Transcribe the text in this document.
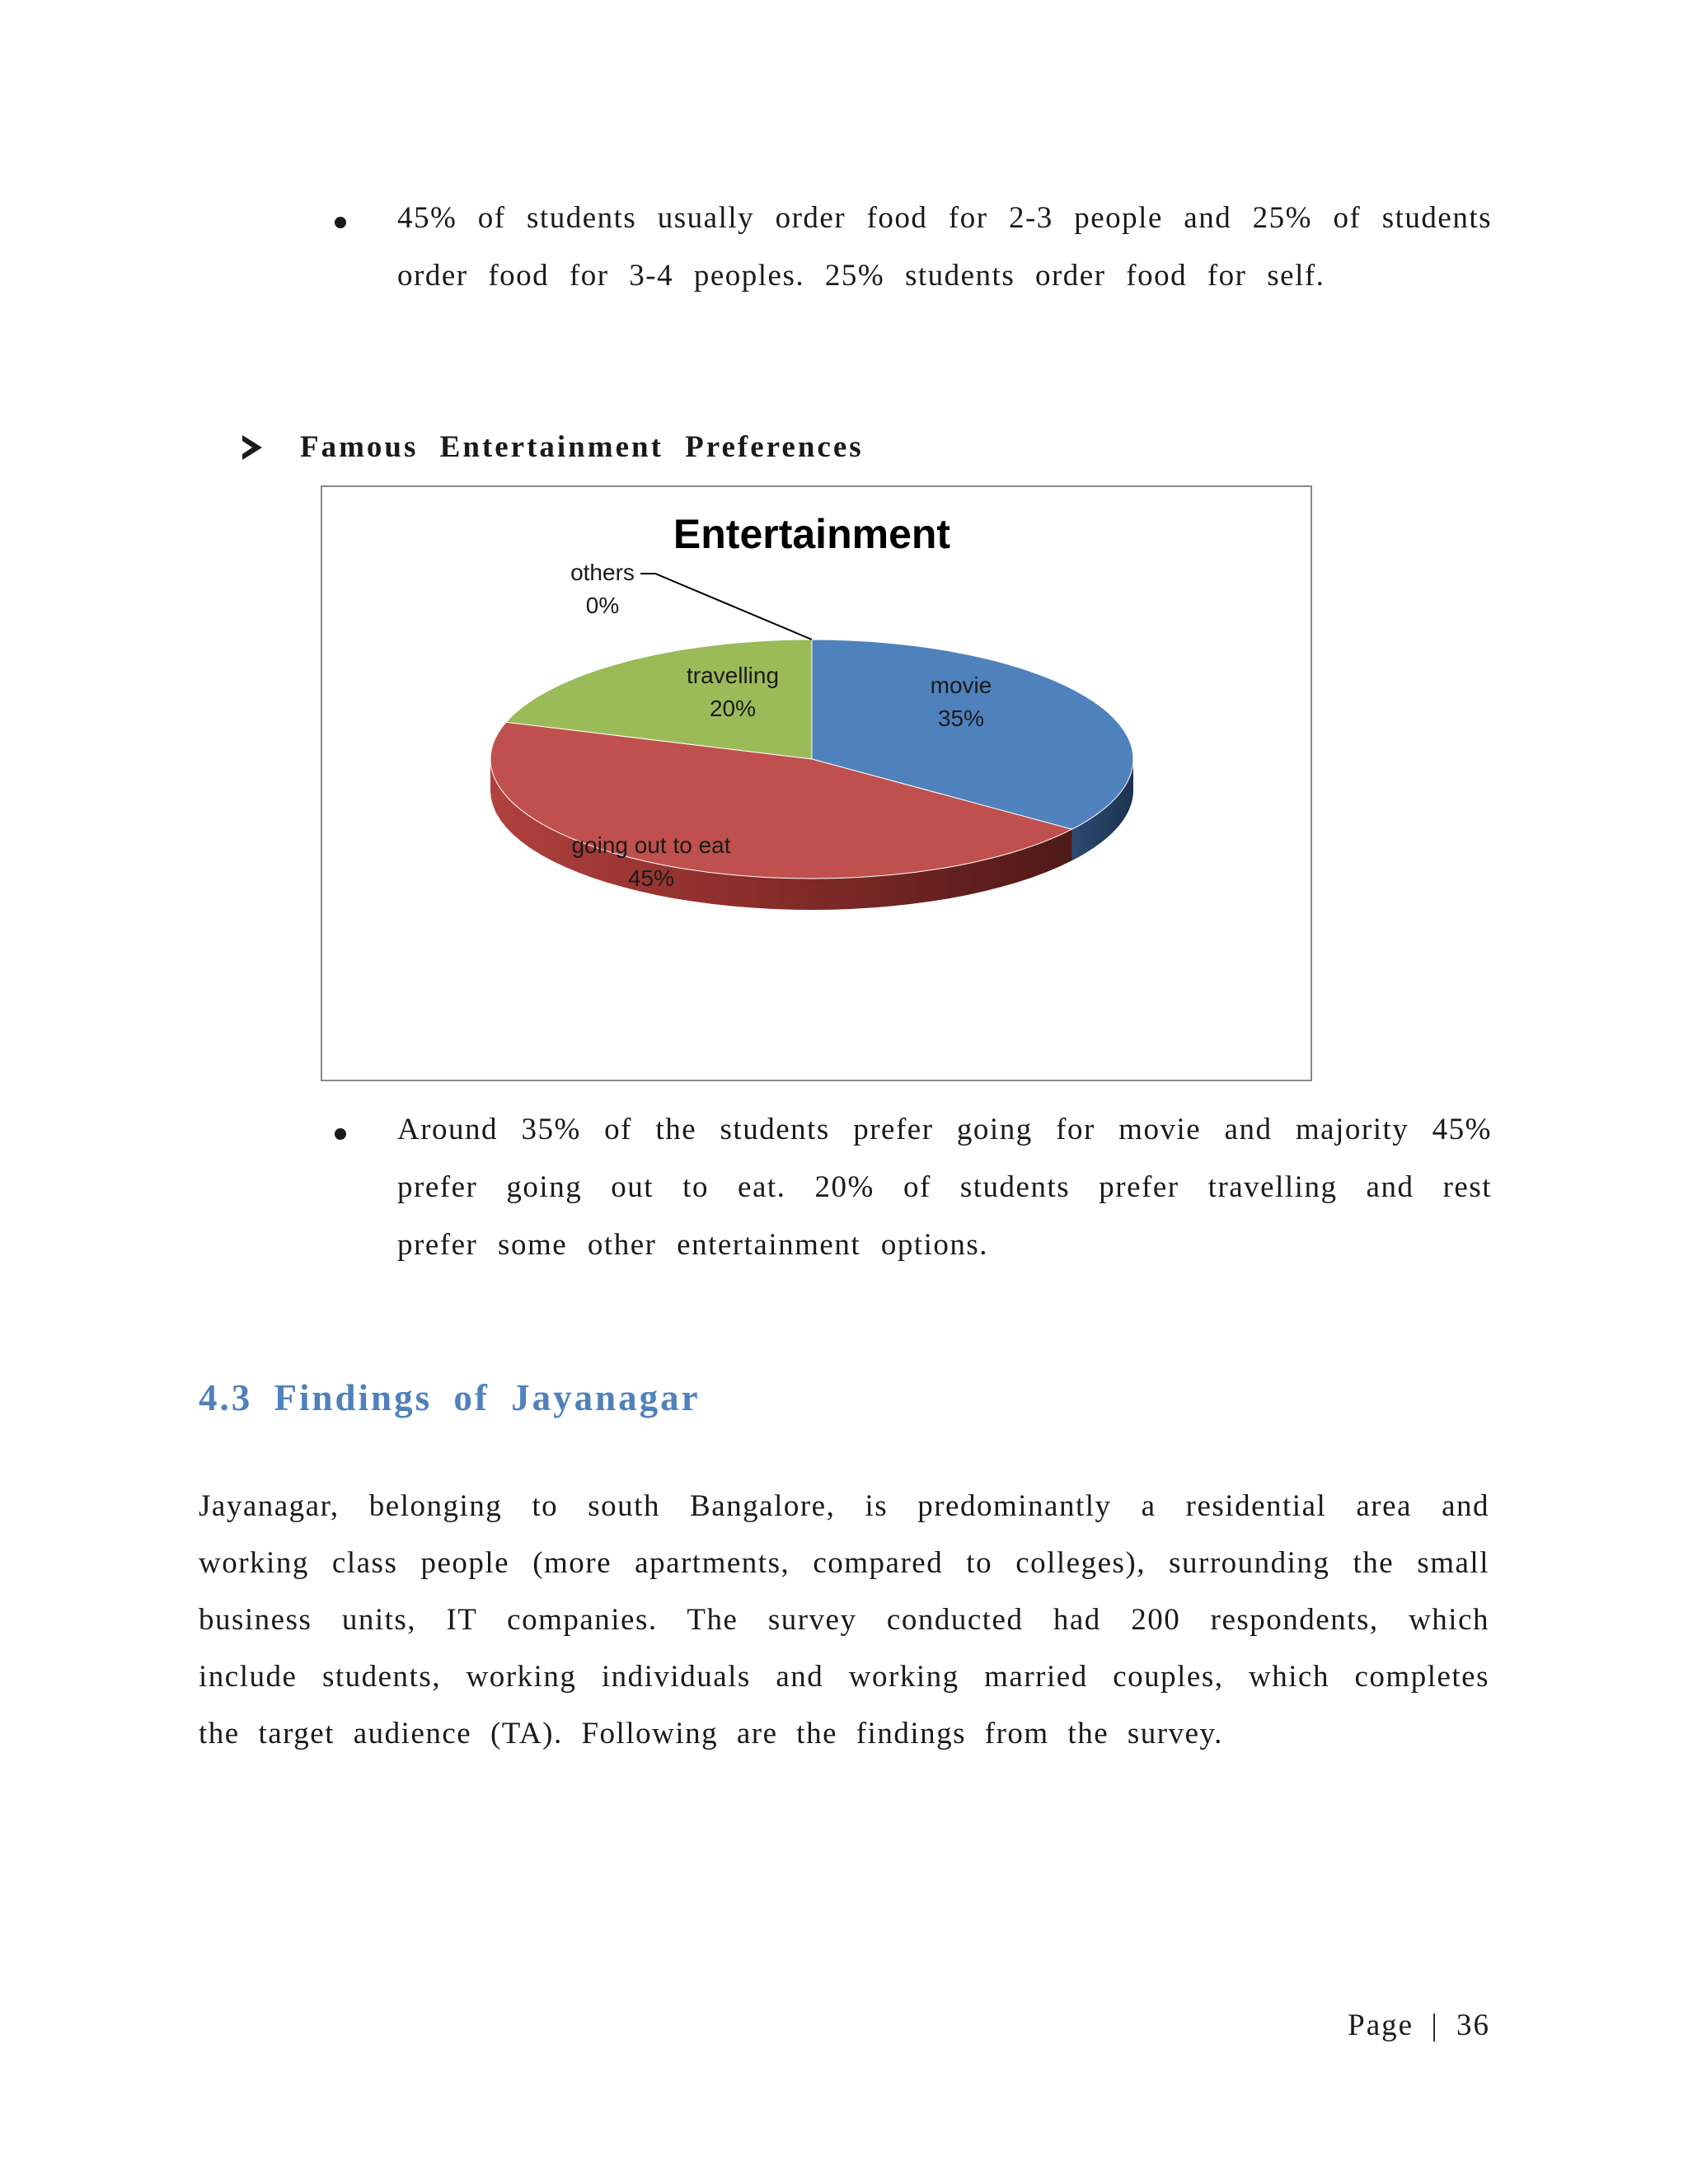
45% of students usually order food for 2-3 people and 25% of students order food for 3-4 peoples. 25% students order food for self.

Famous Entertainment Preferences
movie
35%
going out to eat
45%
travelling
20%
others
0%
Entertainment

Around 35% of the students prefer going for movie and majority 45% prefer going out to eat. 20% of students prefer travelling and rest prefer some other entertainment options.

4.3 Findings of Jayanagar

Jayanagar, belonging to south Bangalore, is predominantly a residential area and working class people (more apartments, compared to colleges), surrounding the small business units, IT companies. The survey conducted had 200 respondents, which include students, working individuals and working married couples, which completes the target audience (TA). Following are the findings from the survey.

Page | 36
